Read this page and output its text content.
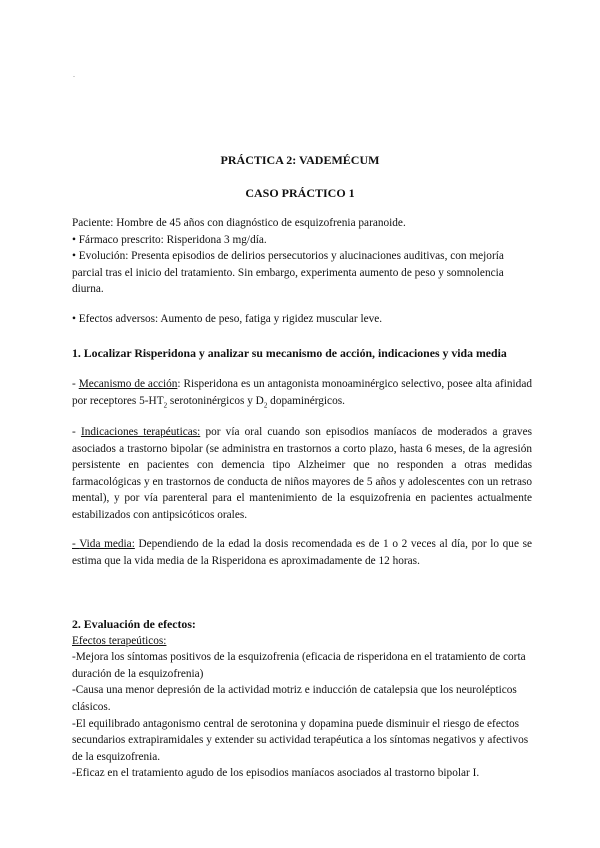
.
PRÁCTICA 2: VADEMÉCUM
CASO PRÁCTICO 1

Paciente: Hombre de 45 años con diagnóstico de esquizofrenia paranoide.

• Fármaco prescrito: Risperidona 3 mg/día.

• Evolución: Presenta episodios de delirios persecutorios y alucinaciones auditivas, con mejoría parcial tras el inicio del tratamiento. Sin embargo, experimenta aumento de peso y somnolencia diurna.

• Efectos adversos: Aumento de peso, fatiga y rigidez muscular leve.

1. Localizar Risperidona y analizar su mecanismo de acción, indicaciones y vida media

- Mecanismo de acción: Risperidona es un antagonista monoaminérgico selectivo, posee alta afinidad por receptores $5-HT_2$ serotoninérgicos y $D_2$ dopaminérgicos.

- Indicaciones terapéuticas: por vía oral cuando son episodios maníacos de moderados a graves asociados a trastorno bipolar (se administra en trastornos a corto plazo, hasta 6 meses, de la agresión persistente en pacientes con demencia tipo Alzheimer que no responden a otras medidas farmacológicas y en trastornos de conducta de niños mayores de 5 años y adolescentes con un retraso mental), y por vía parenteral para el mantenimiento de la esquizofrenia en pacientes actualmente estabilizados con antipsicóticos orales.

- Vida media: Dependiendo de la edad la dosis recomendada es de 1 o 2 veces al día, por lo que se estima que la vida media de la Risperidona es aproximadamente de 12 horas.

2. Evaluación de efectos:

Efectos terapeúticos:

-Mejora los síntomas positivos de la esquizofrenia (eficacia de risperidona en el tratamiento de corta duración de la esquizofrenia)

-Causa una menor depresión de la actividad motriz e inducción de catalepsia que los neurolépticos clásicos.

-El equilibrado antagonismo central de serotonina y dopamina puede disminuir el riesgo de efectos secundarios extrapiramidales y extender su actividad terapéutica a los síntomas negativos y afectivos de la esquizofrenia.

-Eficaz en el tratamiento agudo de los episodios maníacos asociados al trastorno bipolar I.
